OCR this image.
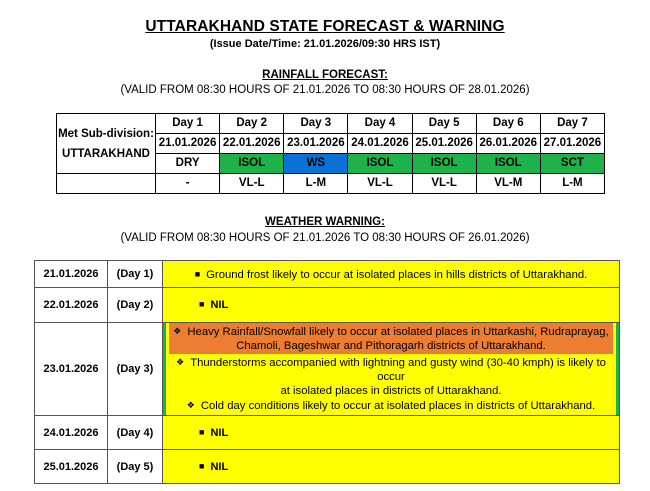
UTTARAKHAND STATE FORECAST & WARNING
(Issue Date/Time: 21.01.2026/09:30 HRS IST)
RAINFALL FORECAST:
(VALID FROM 08:30 HOURS OF 21.01.2026 TO 08:30 HOURS OF 28.01.2026)
Met Sub-division:
UTTARAKHAND	Day 1	Day 2	Day 3	Day 4	Day 5	Day 6	Day 7
	21.01.2026	22.01.2026	23.01.2026	24.01.2026	25.01.2026	26.01.2026	27.01.2026
	DRY	ISOL	WS	ISOL	ISOL	ISOL	SCT
	-	VL-L	L-M	VL-L	VL-L	VL-M	L-M
WEATHER WARNING:
(VALID FROM 08:30 HOURS OF 21.01.2026 TO 08:30 HOURS OF 26.01.2026)
21.01.2026	(Day 1)	■ Ground frost likely to occur at isolated places in hills districts of Uttarakhand.
22.01.2026	(Day 2)	■ NIL
23.01.2026	(Day 3)	❖ Heavy Rainfall/Snowfall likely to occur at isolated places in Uttarkashi, Rudraprayag,
Chamoli, Bageshwar and Pithoragarh districts of Uttarakhand.
❖ Thunderstorms accompanied with lightning and gusty wind (30-40 kmph) is likely to occur
at isolated places in districts of Uttarakhand.
❖ Cold day conditions likely to occur at isolated places in districts of Uttarakhand.

24.01.2026	(Day 4)	■ NIL
25.01.2026	(Day 5)	■ NIL
